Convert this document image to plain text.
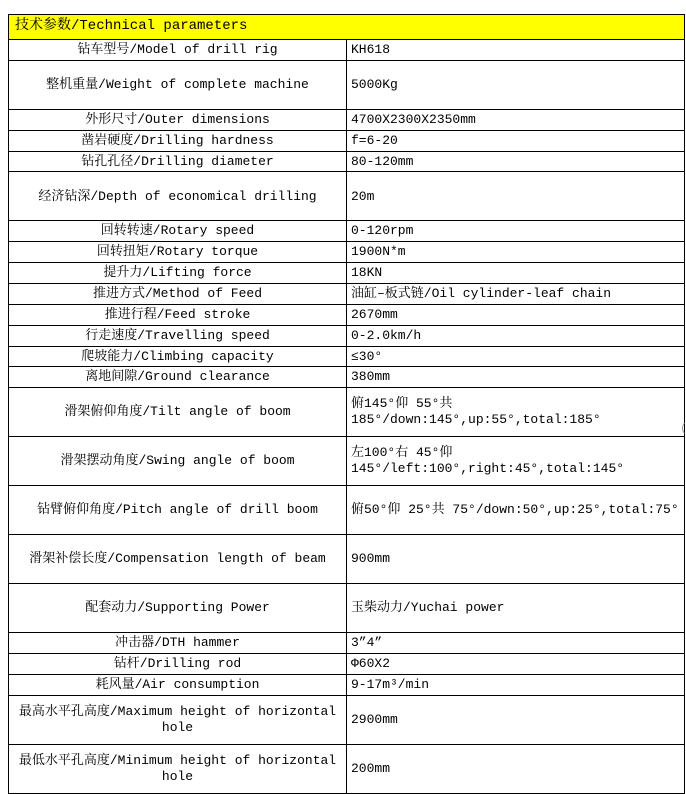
技术参数/Technical parameters	
钻车型号/Model of drill rig	KH618
整机重量/Weight of complete machine	5000Kg
外形尺寸/Outer dimensions	4700X2300X2350mm
凿岩硬度/Drilling hardness	f=6-20
钻孔孔径/Drilling diameter	80-120mm
经济钻深/Depth of economical drilling	20m
回转转速/Rotary speed	0-120rpm
回转扭矩/Rotary torque	1900N*m
提升力/Lifting force	18KN
推进方式/Method of Feed	油缸–板式链/Oil cylinder-leaf chain
推进行程/Feed stroke	2670mm
行走速度/Travelling speed	0-2.0km/h
爬坡能力/Climbing capacity	≤30°
离地间隙/Ground clearance	380mm
滑架俯仰角度/Tilt angle of boom	俯145°仰 55°共 185°/down:145°,up:55°,total:185°
滑架摆动角度/Swing angle of boom	左100°右 45°仰 145°/left:100°,right:45°,total:145°
钻臂俯仰角度/Pitch angle of drill boom	俯50°仰 25°共 75°/down:50°,up:25°,total:75°
滑架补偿长度/Compensation length of beam	900mm
配套动力/Supporting Power	玉柴动力/Yuchai power
冲击器/DTH hammer	3”4”
钻杆/Drilling rod	Φ60X2
耗风量/Air consumption	9-17m³/min
最高水平孔高度/Maximum height of horizontal hole	2900mm
最低水平孔高度/Minimum height of horizontal hole	200mm
(
